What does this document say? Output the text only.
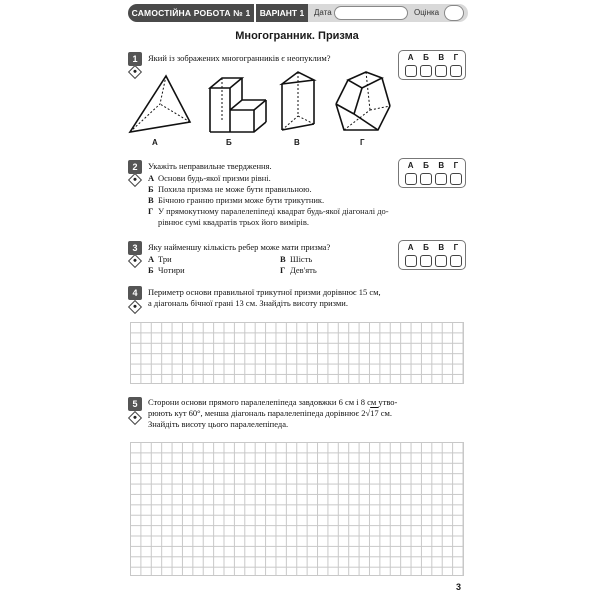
САМОСТІЙНА РОБОТА № 1	ВАРІАНТ 1	Дата	Оцінка
Многогранник. Призма
1	Який із зображених многогранників є неопуклим?	А Б В Г
А	Б	В	Г
2	Укажіть неправильне твердження.	А Б В Г
А Основи будь-якої призми рівні.
Б Похила призма не може бути правильною.
В Бічною гранню призми може бути трикутник.
Г У прямокутному паралелепіпеді квадрат будь-якої діагоналі до-
рівнює сумі квадратів трьох його вимірів.
3	Яку найменшу кількість ребер може мати призма?	А Б В Г
А Три	В Шість
Б Чотири	Г Дев'ять
4	Периметр основи правильної трикутної призми дорівнює 15 см,
а діагональ бічної грані 13 см. Знайдіть висоту призми.
5	Сторони основи прямого паралелепіпеда завдовжки 6 см і 8 см утво-
рюють кут 60°, менша діагональ паралелепіпеда дорівнює 2√17 см.
Знайдіть висоту цього паралелепіпеда.
3
